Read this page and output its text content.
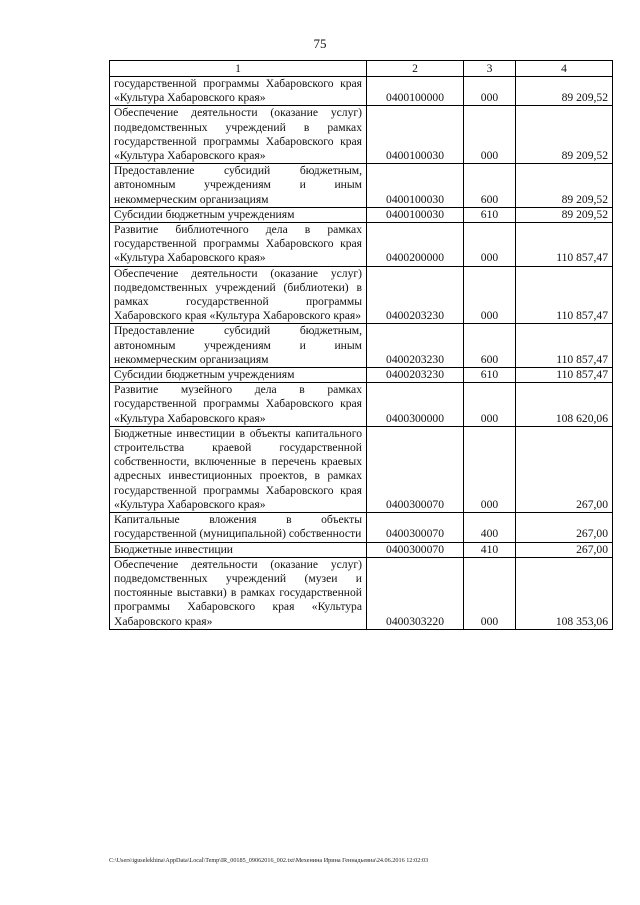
75
1	2	3	4
государственной программы Хабаровского края «Культура Хабаровского края»	0400100000	000	89 209,52
Обеспечение деятельности (оказание услуг) подведомственных учреждений в рамках государственной программы Хабаровского края «Культура Хабаровского края»	0400100030	000	89 209,52
Предоставление субсидий бюджетным, автономным учреждениям и иным некоммерческим организациям	0400100030	600	89 209,52
Субсидии бюджетным учреждениям	0400100030	610	89 209,52
Развитие библиотечного дела в рамках государственной программы Хабаровского края «Культура Хабаровского края»	0400200000	000	110 857,47
Обеспечение деятельности (оказание услуг) подведомственных учреждений (библиотеки) в рамках государственной программы Хабаровского края «Культура Хабаровского края»	0400203230	000	110 857,47
Предоставление субсидий бюджетным, автономным учреждениям и иным некоммерческим организациям	0400203230	600	110 857,47
Субсидии бюджетным учреждениям	0400203230	610	110 857,47
Развитие музейного дела в рамках государственной программы Хабаровского края «Культура Хабаровского края»	0400300000	000	108 620,06
Бюджетные инвестиции в объекты капитального строительства краевой государственной собственности, включенные в перечень краевых адресных инвестиционных проектов, в рамках государственной программы Хабаровского края «Культура Хабаровского края»	0400300070	000	267,00
Капитальные вложения в объекты государственной (муниципальной) собственности	0400300070	400	267,00
Бюджетные инвестиции	0400300070	410	267,00
Обеспечение деятельности (оказание услуг) подведомственных учреждений (музеи и постоянные выставки) в рамках государственной программы Хабаровского края «Культура Хабаровского края»	0400303220	000	108 353,06
C:\Users\iguselekhina\AppData\Local\Temp\IR_00185_09062016_002.txt\Мехенина Ирина Геннадьевна\24.06.2016 12:02:03
